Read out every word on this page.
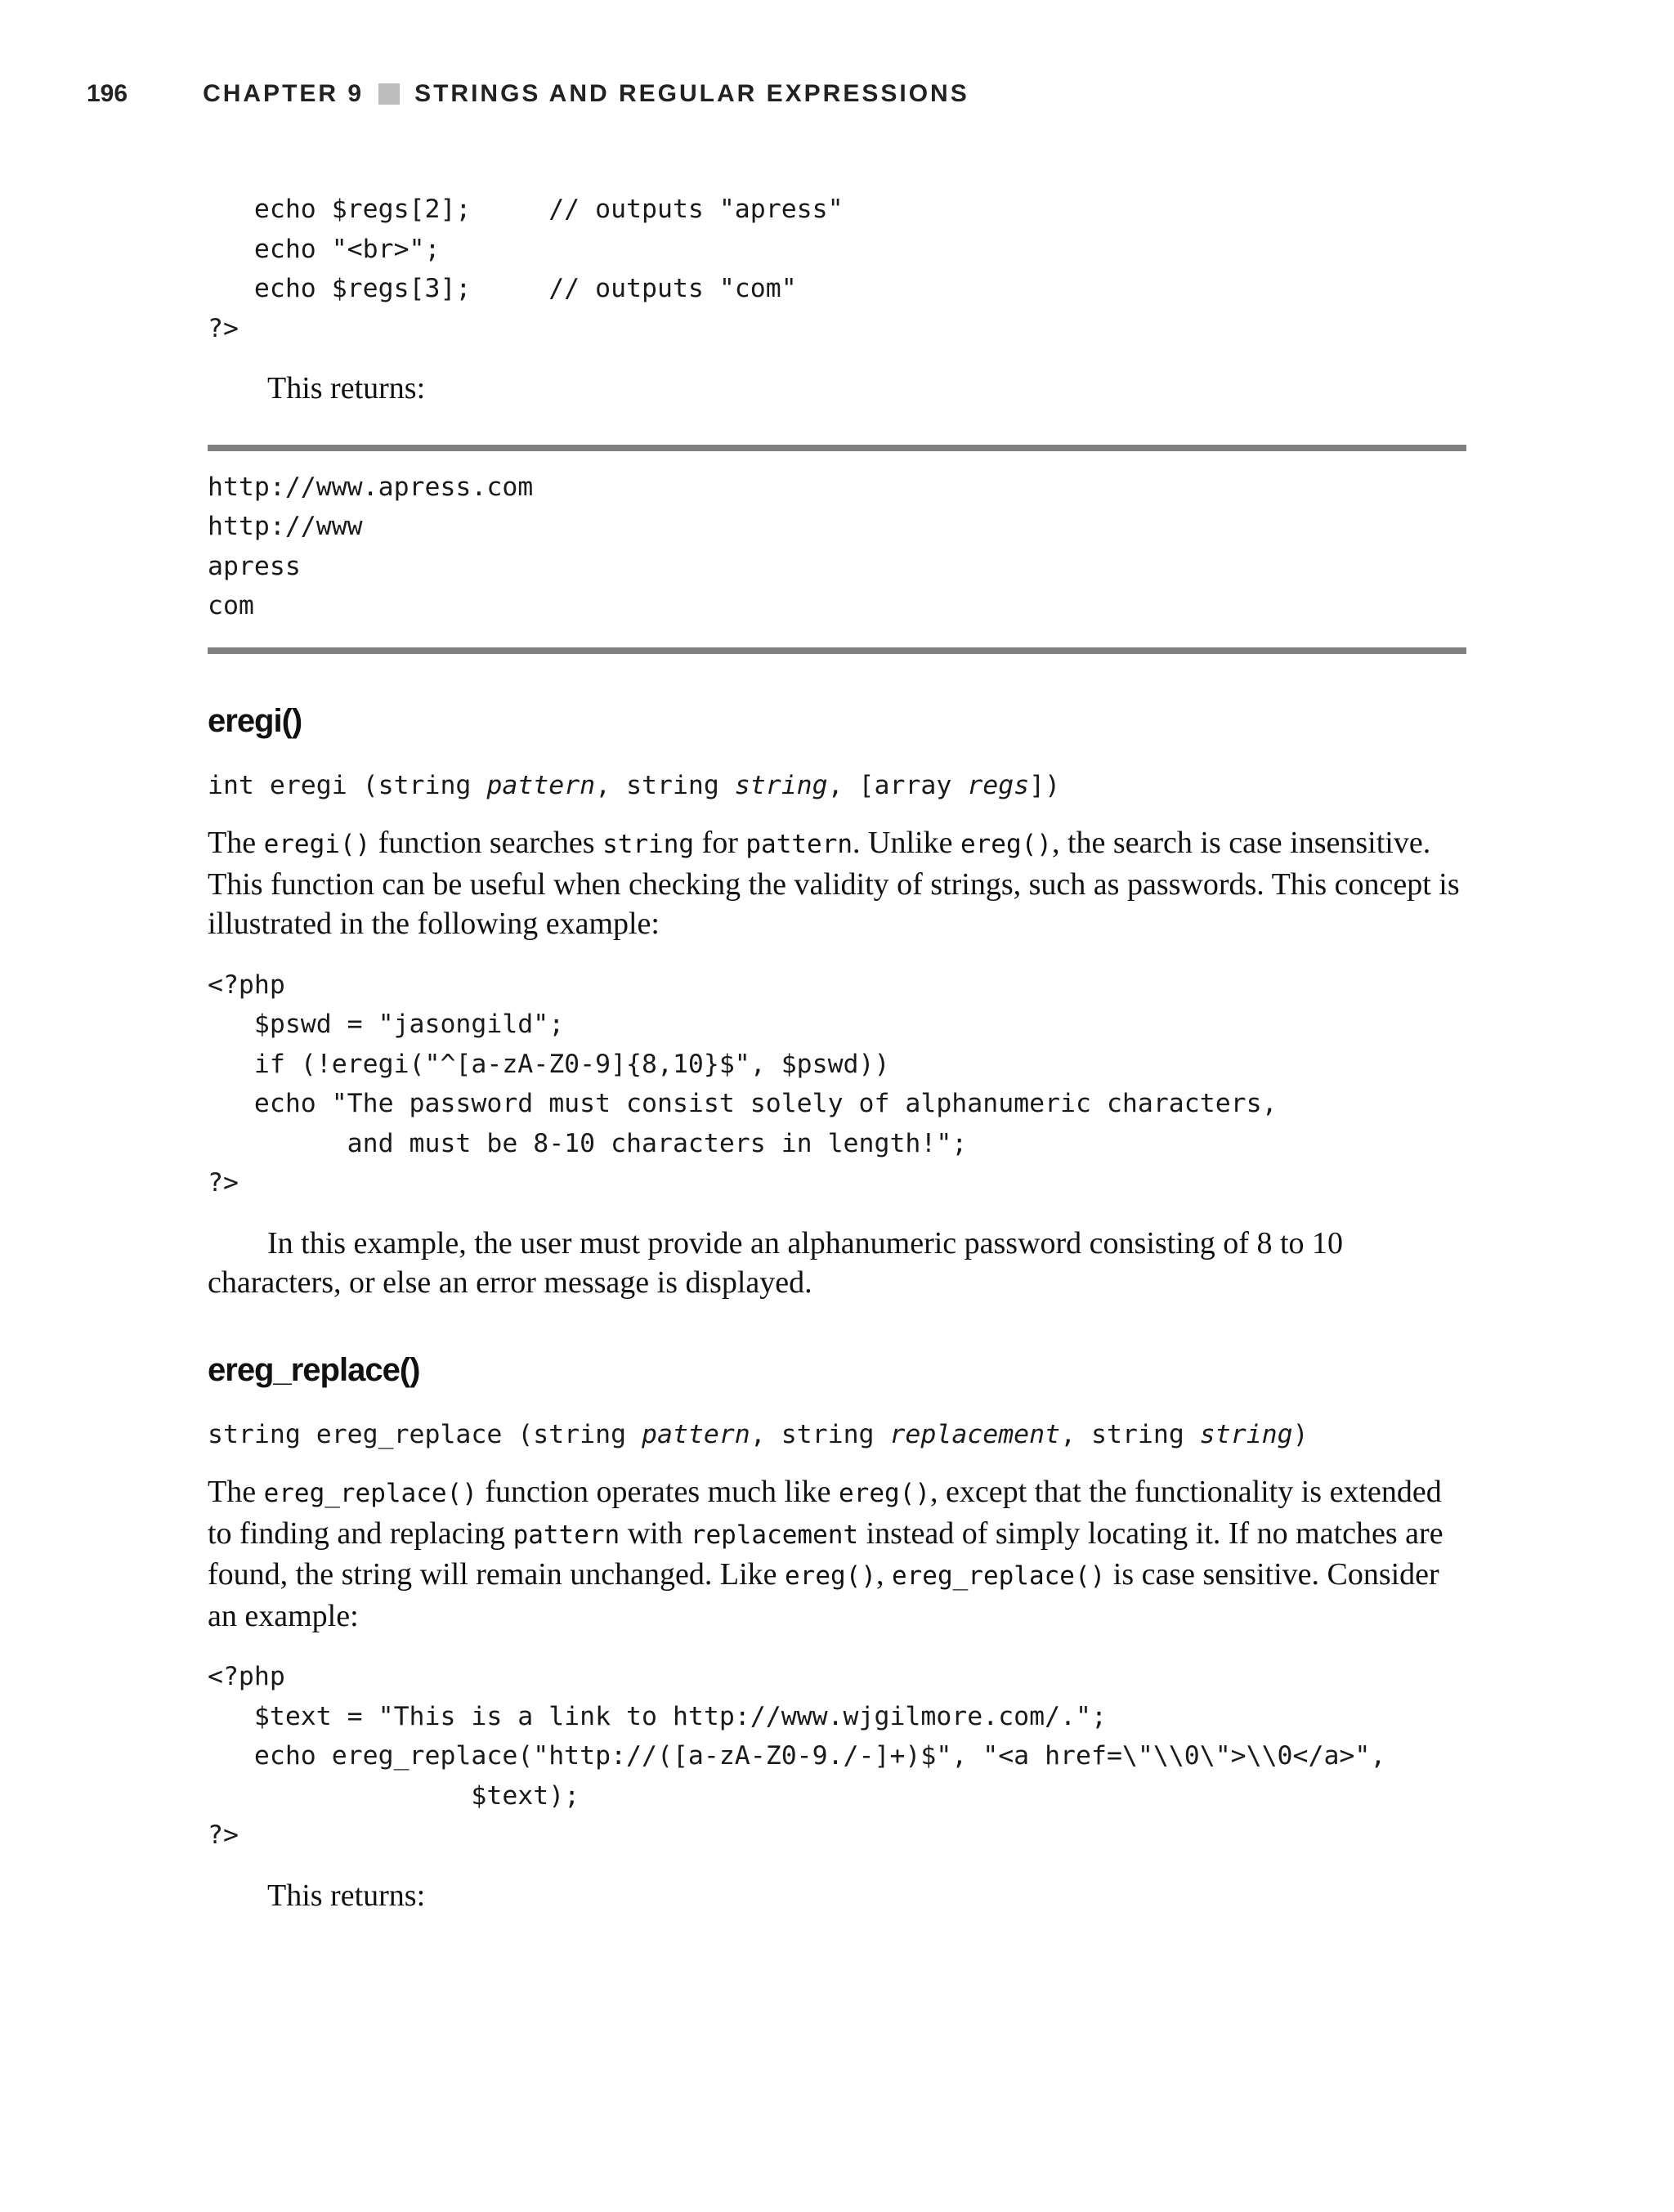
196	CHAPTER 9 STRINGS AND REGULAR EXPRESSIONS
echo $regs[2];     // outputs "apress"
echo "<br>";
echo $regs[3];     // outputs "com"
?>

This returns:

http://www.apress.com
http://www
apress
com
eregi()
int eregi (string pattern, string string, [array regs])

The eregi() function searches string for pattern. Unlike ereg(), the search is case insensitive. This function can be useful when checking the validity of strings, such as passwords. This concept is illustrated in the following example:

<?php
$pswd = "jasongild";
if (!eregi("^[a-zA-Z0-9]{8,10}$", $pswd))
echo "The password must consist solely of alphanumeric characters,
and must be 8-10 characters in length!";
?>

In this example, the user must provide an alphanumeric password consisting of 8 to 10 characters, or else an error message is displayed.

ereg_replace()
string ereg_replace (string pattern, string replacement, string string)

The ereg_replace() function operates much like ereg(), except that the functionality is extended to finding and replacing pattern with replacement instead of simply locating it. If no matches are found, the string will remain unchanged. Like ereg(), ereg_replace() is case sensitive. Consider an example:

<?php
$text = "This is a link to http://www.wjgilmore.com/.";
echo ereg_replace("http://([a-zA-Z0-9./-]+)$", "<a href=\"\\0\">\\0</a>",
$text);
?>

This returns:
